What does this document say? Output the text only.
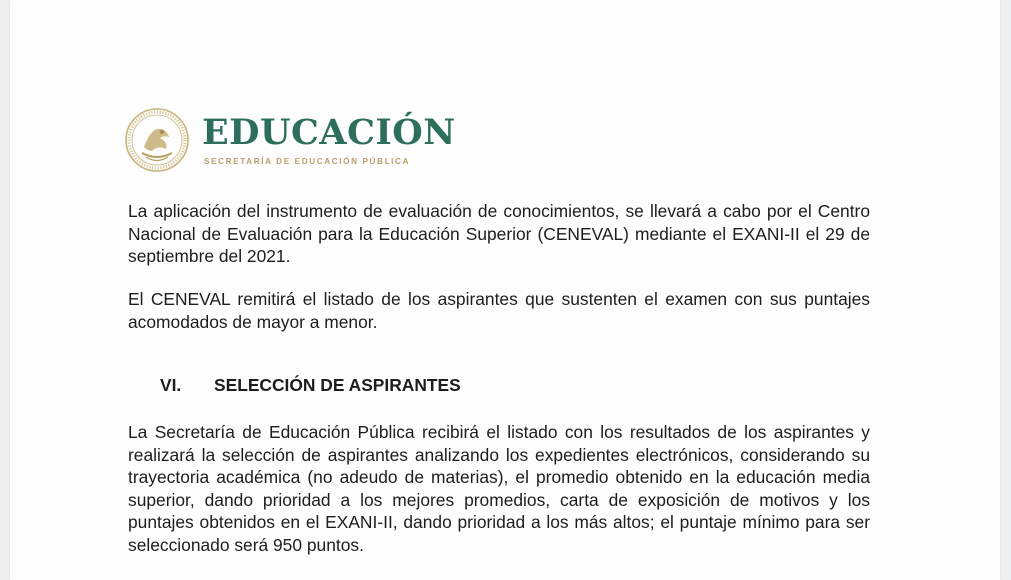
EDUCACIÓN
SECRETARÍA DE EDUCACIÓN PÚBLICA

La aplicación del instrumento de evaluación de conocimientos, se llevará a cabo por el Centro Nacional de Evaluación para la Educación Superior (CENEVAL) mediante el EXANI-II el 29 de septiembre del 2021.

El CENEVAL remitirá el listado de los aspirantes que sustenten el examen con sus puntajes acomodados de mayor a menor.

VI. SELECCIÓN DE ASPIRANTES

La Secretaría de Educación Pública recibirá el listado con los resultados de los aspirantes y realizará la selección de aspirantes analizando los expedientes electrónicos, considerando su trayectoria académica (no adeudo de materias), el promedio obtenido en la educación media superior, dando prioridad a los mejores promedios, carta de exposición de motivos y los puntajes obtenidos en el EXANI-II, dando prioridad a los más altos; el puntaje mínimo para ser seleccionado será 950 puntos.
